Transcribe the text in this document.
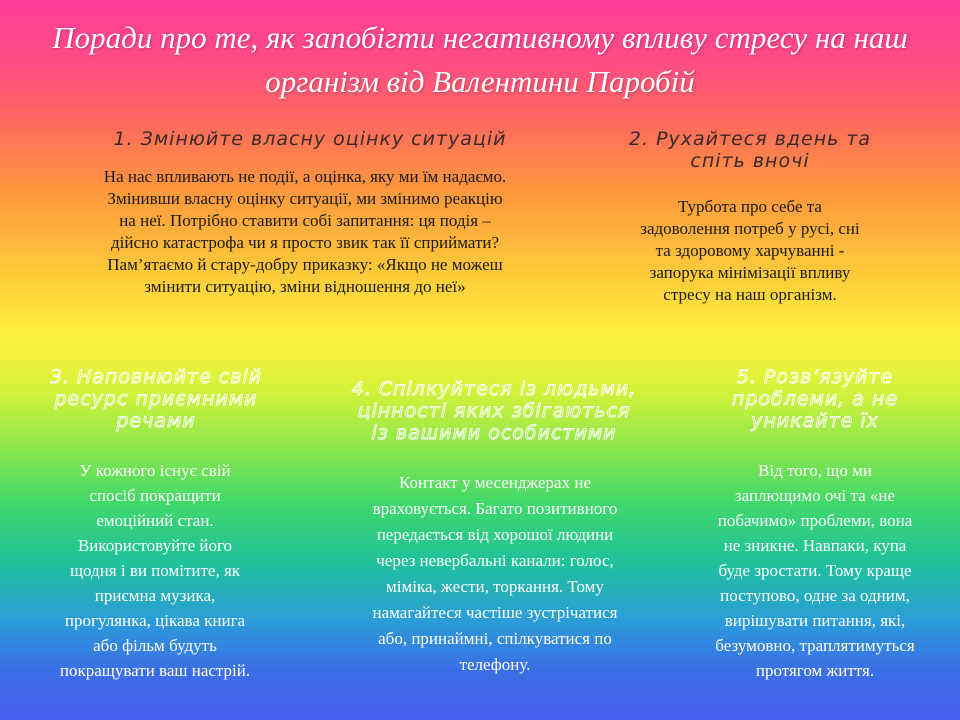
Поради про те, як запобігти негативному впливу стресу на наш
організм від Валентини Паробій
1. Змінюйте власну оцінку ситуацій
На нас впливають не події, а оцінка, яку ми їм надаємо.
Змінивши власну оцінку ситуації, ми змінимо реакцію
на неї. Потрібно ставити собі запитання: ця подія –
дійсно катастрофа чи я просто звик так її сприймати?
Пам’ятаємо й стару-добру приказку: «Якщо не можеш
змінити ситуацію, зміни відношення до неї»
2. Рухайтеся вдень та
спіть вночі
Турбота про себе та
задоволення потреб у русі, сні
та здоровому харчуванні -
запорука мінімізації впливу
стресу на наш організм.
3. Наповнюйте свій
ресурс приємними
речами
У кожного існує свій
спосіб покращити
емоційний стан.
Використовуйте його
щодня і ви помітите, як
приємна музика,
прогулянка, цікава книга
або фільм будуть
покращувати ваш настрій.
4. Спілкуйтеся із людьми,
цінності яких збігаються
із вашими особистими
Контакт у месенджерах не
враховується. Багато позитивного
передається від хорошої людини
через невербальні канали: голос,
міміка, жести, торкання. Тому
намагайтеся частіше зустрічатися
або, принаймні, спілкуватися по
телефону.
5. Розв’язуйте
проблеми, а не
уникайте їх
Від того, що ми
заплющимо очі та «не
побачимо» проблеми, вона
не зникне. Навпаки, купа
буде зростати. Тому краще
поступово, одне за одним,
вирішувати питання, які,
безумовно, траплятимуться
протягом життя.
